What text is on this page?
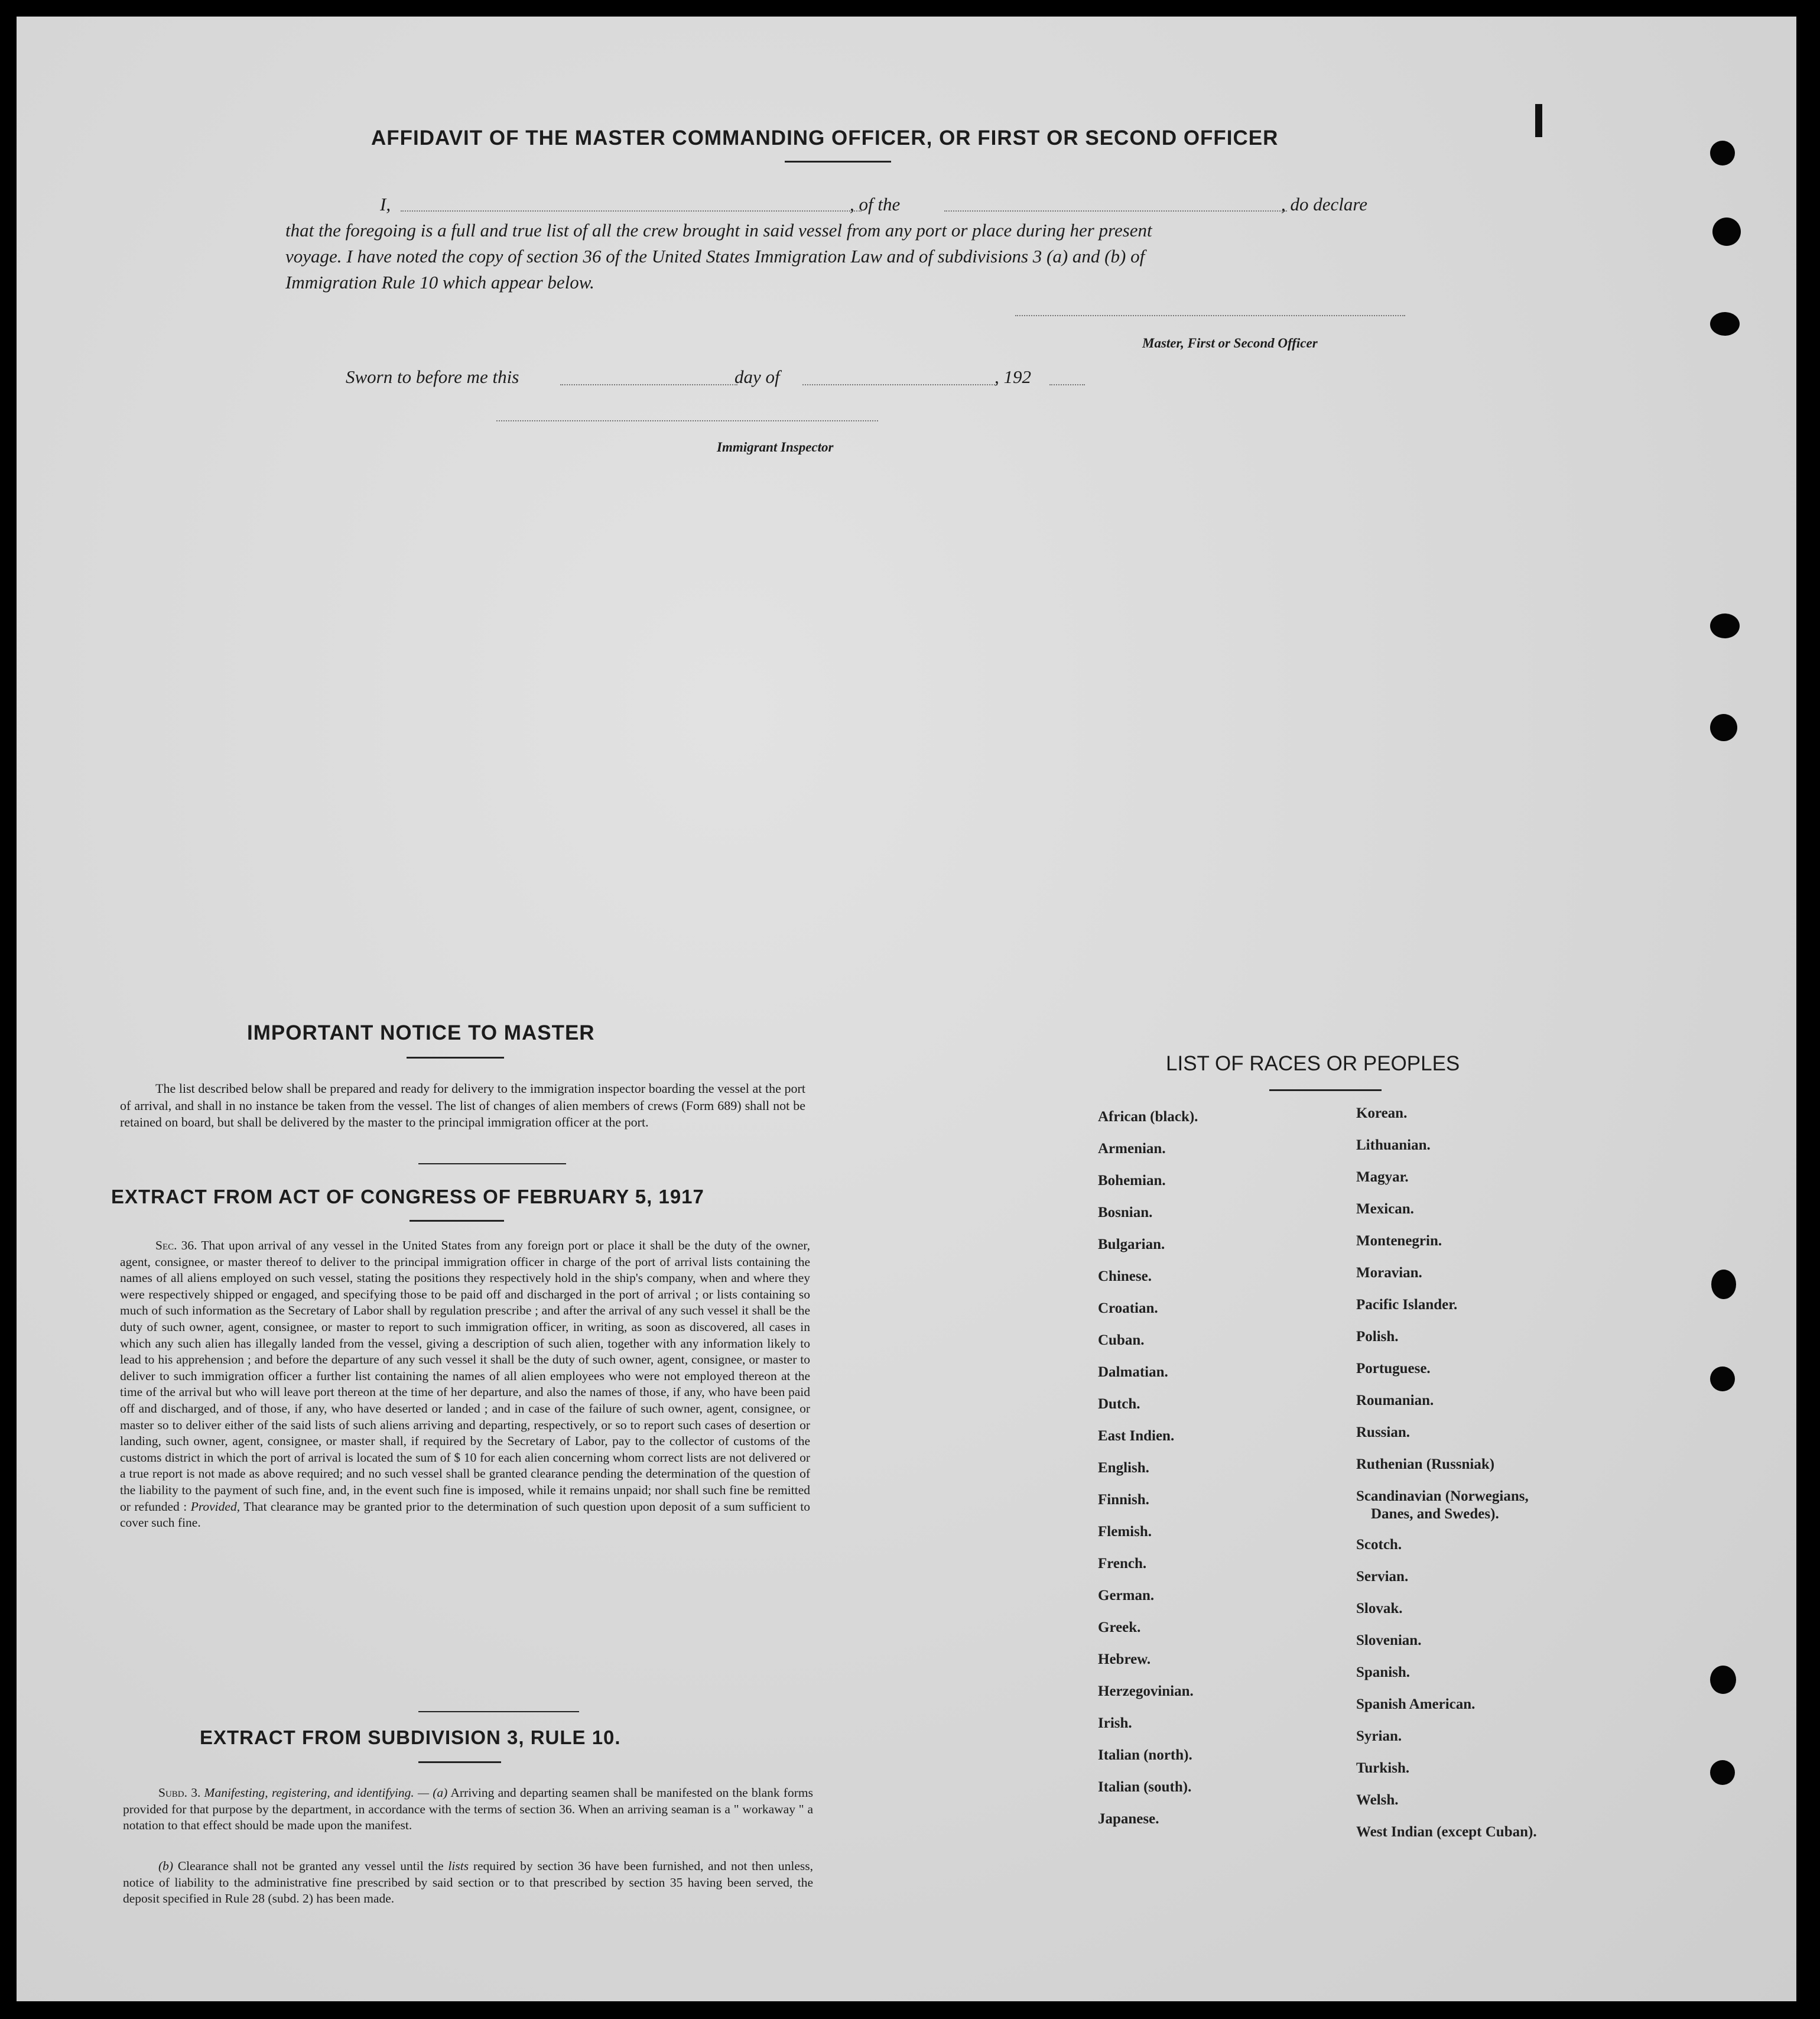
AFFIDAVIT OF THE MASTER COMMANDING OFFICER, OR FIRST OR SECOND OFFICER
I,	, of the	, do declare
that the foregoing is a full and true list of all the crew brought in said vessel from any port or place during her present
voyage. I have noted the copy of section 36 of the United States Immigration Law and of subdivisions 3 (a) and (b) of
Immigration Rule 10 which appear below.
Master, First or Second Officer
Sworn to before me this	day of	, 192
Immigrant Inspector
IMPORTANT NOTICE TO MASTER
The list described below shall be prepared and ready for delivery to the immigration inspector boarding the vessel at the port of arrival, and shall in no instance be taken from the vessel. The list of changes of alien members of crews (Form 689) shall not be retained on board, but shall be delivered by the master to the principal immigration officer at the port.
EXTRACT FROM ACT OF CONGRESS OF FEBRUARY 5, 1917
Sec. 36. That upon arrival of any vessel in the United States from any foreign port or place it shall be the duty of the owner, agent, consignee, or master thereof to deliver to the principal immigration officer in charge of the port of arrival lists containing the names of all aliens employed on such vessel, stating the positions they respectively hold in the ship's company, when and where they were respectively shipped or engaged, and specifying those to be paid off and discharged in the port of arrival ; or lists containing so much of such information as the Secretary of Labor shall by regulation prescribe ; and after the arrival of any such vessel it shall be the duty of such owner, agent, consignee, or master to report to such immigration officer, in writing, as soon as discovered, all cases in which any such alien has illegally landed from the vessel, giving a description of such alien, together with any information likely to lead to his apprehension ; and before the departure of any such vessel it shall be the duty of such owner, agent, consignee, or master to deliver to such immigration officer a further list containing the names of all alien employees who were not employed thereon at the time of the arrival but who will leave port thereon at the time of her departure, and also the names of those, if any, who have been paid off and discharged, and of those, if any, who have deserted or landed ; and in case of the failure of such owner, agent, consignee, or master so to deliver either of the said lists of such aliens arriving and departing, respectively, or so to report such cases of desertion or landing, such owner, agent, consignee, or master shall, if required by the Secretary of Labor, pay to the collector of customs of the customs district in which the port of arrival is located the sum of $ 10 for each alien concerning whom correct lists are not delivered or a true report is not made as above required; and no such vessel shall be granted clearance pending the determination of the question of the liability to the payment of such fine, and, in the event such fine is imposed, while it remains unpaid; nor shall such fine be remitted or refunded : Provided, That clearance may be granted prior to the determination of such question upon deposit of a sum sufficient to cover such fine.
EXTRACT FROM SUBDIVISION 3, RULE 10.
Subd. 3. Manifesting, registering, and identifying. — (a) Arriving and departing seamen shall be manifested on the blank forms provided for that purpose by the department, in accordance with the terms of section 36. When an arriving seaman is a " workaway " a notation to that effect should be made upon the manifest.
(b) Clearance shall not be granted any vessel until the lists required by section 36 have been furnished, and not then unless, notice of liability to the administrative fine prescribed by said section or to that prescribed by section 35 having been served, the deposit specified in Rule 28 (subd. 2) has been made.
LIST OF RACES OR PEOPLES
African (black).
Armenian.
Bohemian.
Bosnian.
Bulgarian.
Chinese.
Croatian.
Cuban.
Dalmatian.
Dutch.
East Indien.
English.
Finnish.
Flemish.
French.
German.
Greek.
Hebrew.
Herzegovinian.
Irish.
Italian (north).
Italian (south).
Japanese.
Korean.
Lithuanian.
Magyar.
Mexican.
Montenegrin.
Moravian.
Pacific Islander.
Polish.
Portuguese.
Roumanian.
Russian.
Ruthenian (Russniak)
Scandinavian (Norwegians,
Danes, and Swedes).
Scotch.
Servian.
Slovak.
Slovenian.
Spanish.
Spanish American.
Syrian.
Turkish.
Welsh.
West Indian (except Cuban).
